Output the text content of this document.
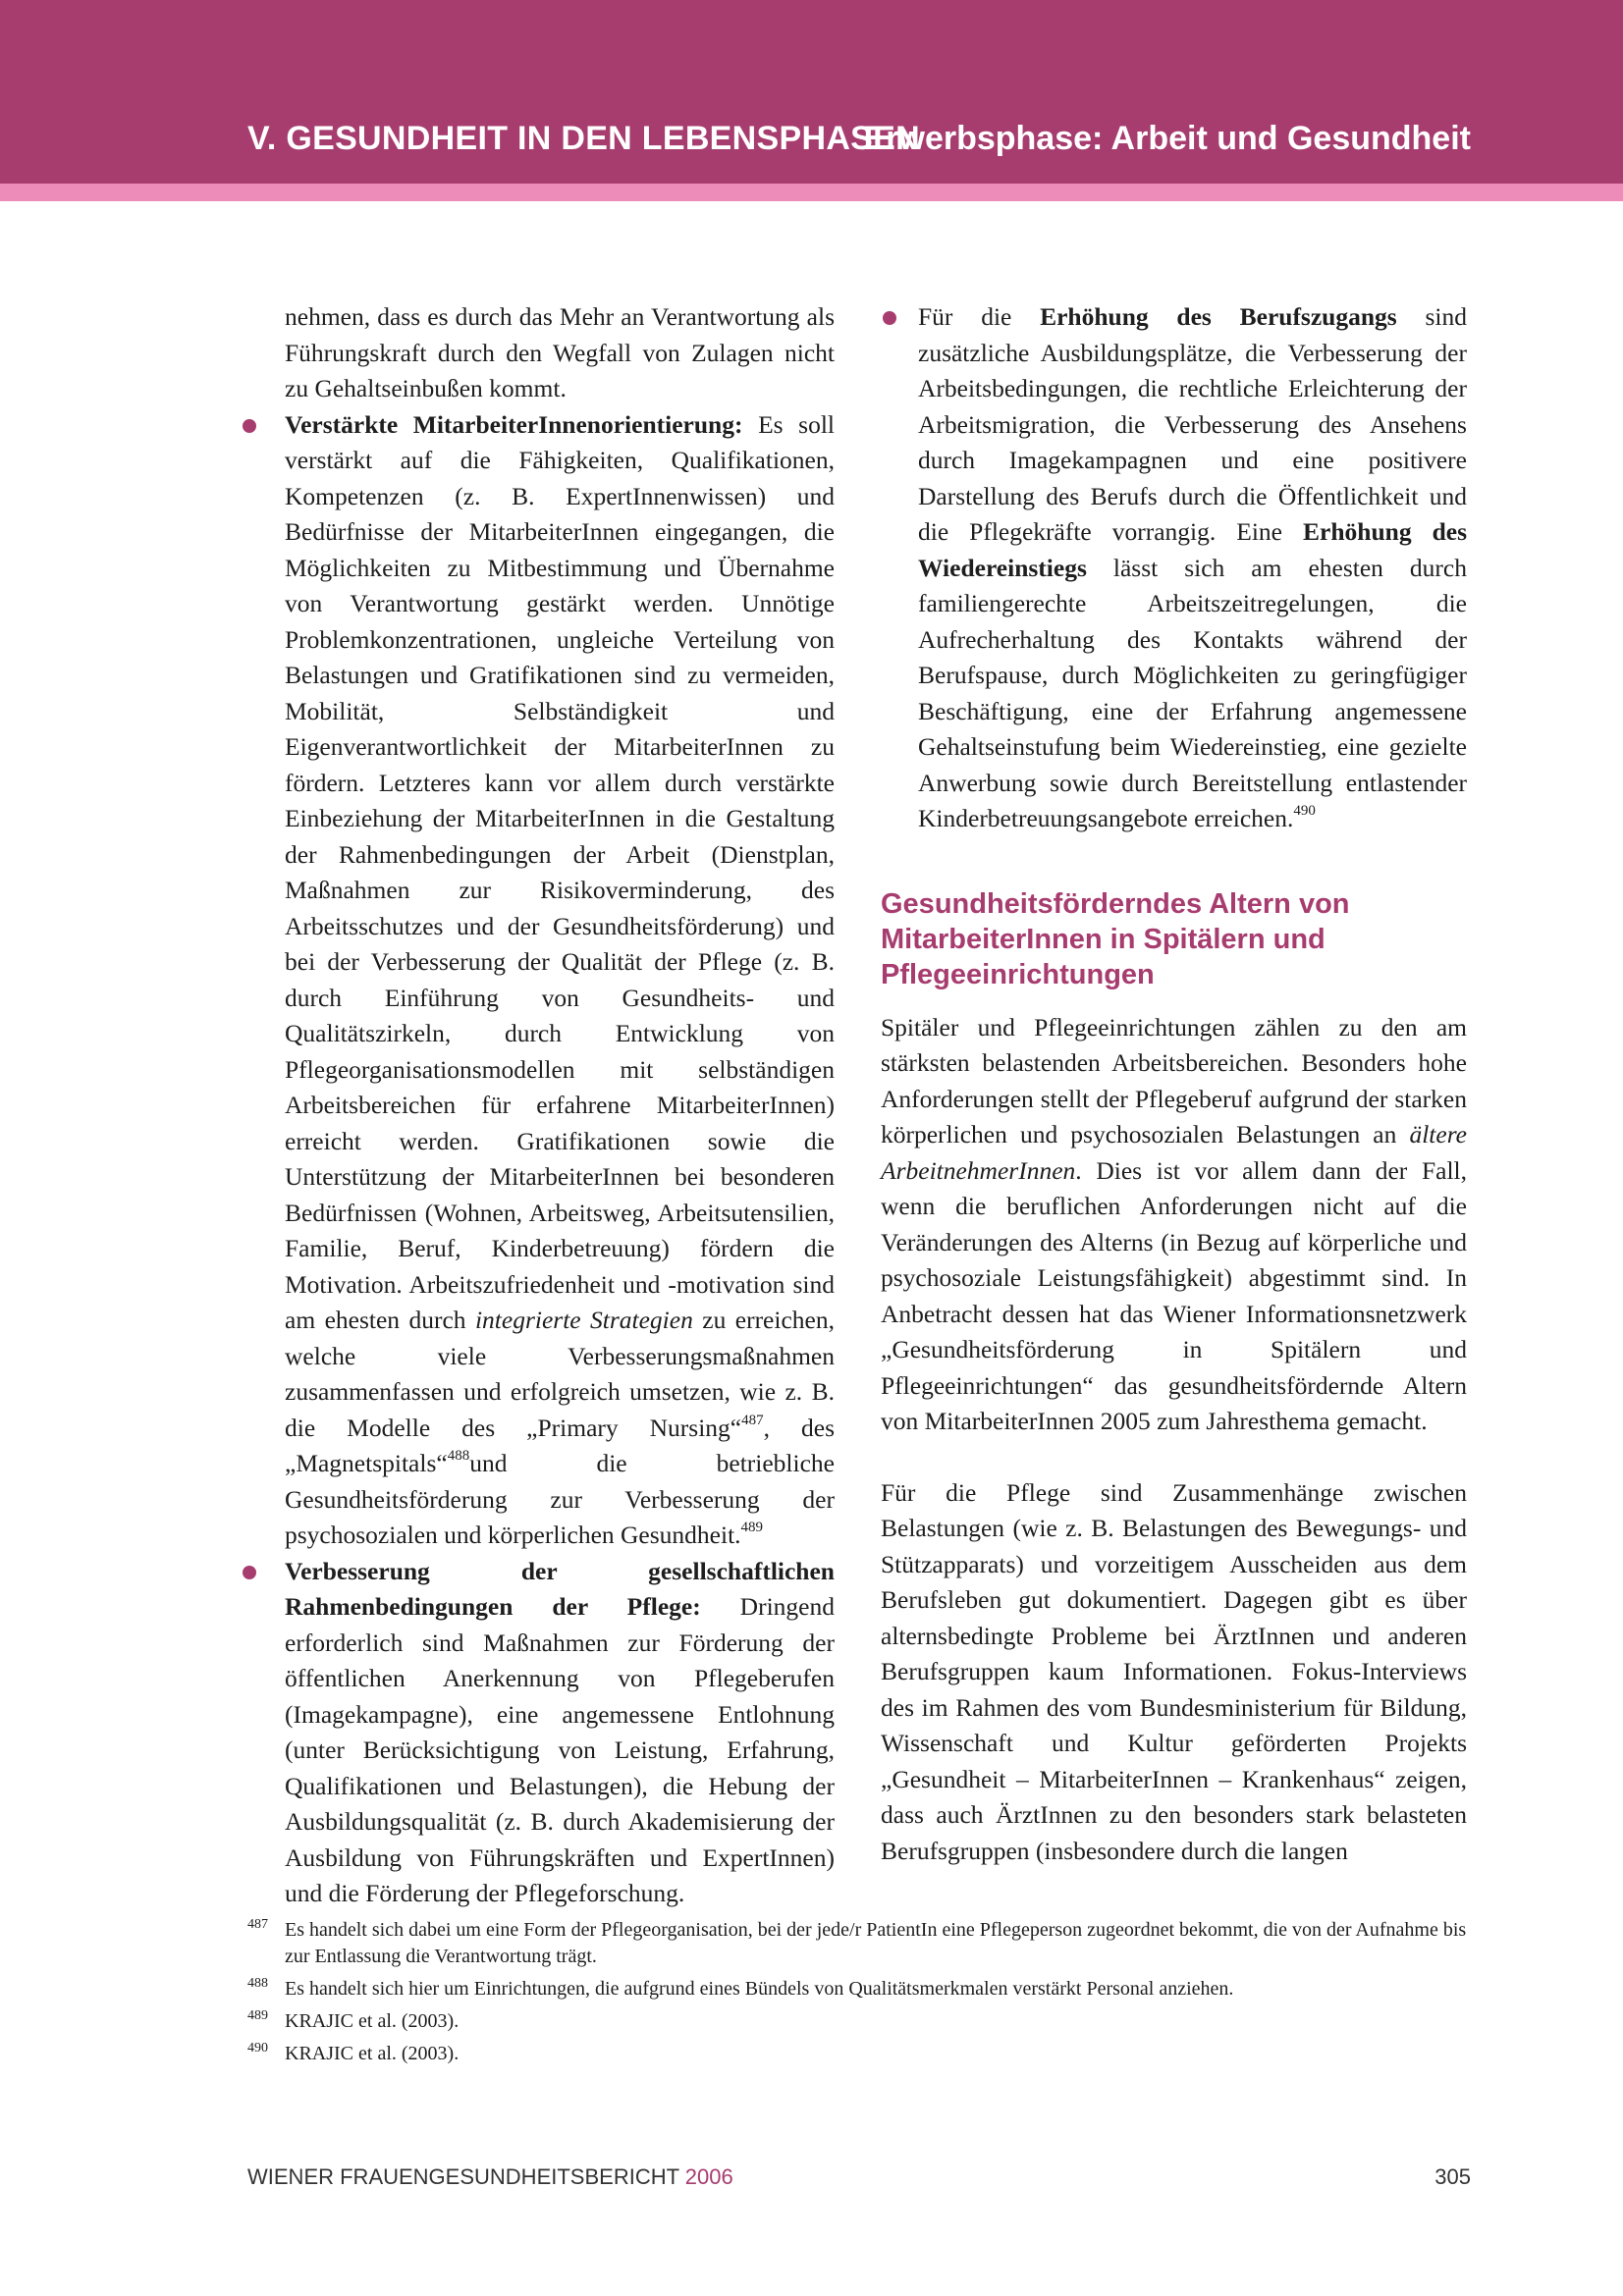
V. GESUNDHEIT IN DEN LEBENSPHASEN
Erwerbsphase: Arbeit und Gesundheit

nehmen, dass es durch das Mehr an Verantwortung als Führungskraft durch den Wegfall von Zulagen nicht zu Gehaltseinbußen kommt.

Verstärkte MitarbeiterInnenorientierung: Es soll verstärkt auf die Fähigkeiten, Qualifikationen, Kompetenzen (z. B. ExpertInnenwissen) und Bedürfnisse der MitarbeiterInnen eingegangen, die Möglichkeiten zu Mitbestimmung und Übernahme von Verantwortung gestärkt werden. Unnötige Problemkonzentrationen, ungleiche Verteilung von Belastungen und Gratifikationen sind zu vermeiden, Mobilität, Selbständigkeit und Eigenverantwortlichkeit der MitarbeiterInnen zu fördern. Letzteres kann vor allem durch verstärkte Einbeziehung der MitarbeiterInnen in die Gestaltung der Rahmenbedingungen der Arbeit (Dienstplan, Maßnahmen zur Risikoverminderung, des Arbeitsschutzes und der Gesundheitsförderung) und bei der Verbesserung der Qualität der Pflege (z. B. durch Einführung von Gesundheits- und Qualitätszirkeln, durch Entwicklung von Pflegeorganisationsmodellen mit selbständigen Arbeitsbereichen für erfahrene MitarbeiterInnen) erreicht werden. Gratifikationen sowie die Unterstützung der MitarbeiterInnen bei besonderen Bedürfnissen (Wohnen, Arbeitsweg, Arbeitsutensilien, Familie, Beruf, Kinderbetreuung) fördern die Motivation. Arbeitszufriedenheit und -motivation sind am ehesten durch integrierte Strategien zu erreichen, welche viele Verbesserungsmaßnahmen zusammenfassen und erfolgreich umsetzen, wie z. B. die Modelle des „Primary Nursing“$^{487}$, des „Magnetspitals“$^{488}$und die betriebliche Gesundheitsförderung zur Verbesserung der psychosozialen und körperlichen Gesundheit.$^{489}$

Verbesserung der gesellschaftlichen Rahmenbedingungen der Pflege: Dringend erforderlich sind Maßnahmen zur Förderung der öffentlichen Anerkennung von Pflegeberufen (Imagekampagne), eine angemessene Entlohnung (unter Berücksichtigung von Leistung, Erfahrung, Qualifikationen und Belastungen), die Hebung der Ausbildungsqualität (z. B. durch Akademisierung der Ausbildung von Führungskräften und ExpertInnen) und die Förderung der Pflegeforschung.

Für die Erhöhung des Berufszugangs sind zusätzliche Ausbildungsplätze, die Verbesserung der Arbeitsbedingungen, die rechtliche Erleichterung der Arbeitsmigration, die Verbesserung des Ansehens durch Imagekampagnen und eine positivere Darstellung des Berufs durch die Öffentlichkeit und die Pflegekräfte vorrangig. Eine Erhöhung des Wiedereinstiegs lässt sich am ehesten durch familiengerechte Arbeitszeitregelungen, die Aufrecherhaltung des Kontakts während der Berufspause, durch Möglichkeiten zu geringfügiger Beschäftigung, eine der Erfahrung angemessene Gehaltseinstufung beim Wiedereinstieg, eine gezielte Anwerbung sowie durch Bereitstellung entlastender Kinderbetreuungsangebote erreichen.$^{490}$

Gesundheitsförderndes Altern von MitarbeiterInnen in Spitälern und Pflegeeinrichtungen

Spitäler und Pflegeeinrichtungen zählen zu den am stärksten belastenden Arbeitsbereichen. Besonders hohe Anforderungen stellt der Pflegeberuf aufgrund der starken körperlichen und psychosozialen Belastungen an ältere ArbeitnehmerInnen. Dies ist vor allem dann der Fall, wenn die beruflichen Anforderungen nicht auf die Veränderungen des Alterns (in Bezug auf körperliche und psychosoziale Leistungsfähigkeit) abgestimmt sind. In Anbetracht dessen hat das Wiener Informationsnetzwerk „Gesundheitsförderung in Spitälern und Pflegeeinrichtungen“ das gesundheitsfördernde Altern von MitarbeiterInnen 2005 zum Jahresthema gemacht.

Für die Pflege sind Zusammenhänge zwischen Belastungen (wie z. B. Belastungen des Bewegungs- und Stützapparats) und vorzeitigem Ausscheiden aus dem Berufsleben gut dokumentiert. Dagegen gibt es über alternsbedingte Probleme bei ÄrztInnen und anderen Berufsgruppen kaum Informationen. Fokus-Interviews des im Rahmen des vom Bundesministerium für Bildung, Wissenschaft und Kultur geförderten Projekts „Gesundheit – MitarbeiterInnen – Krankenhaus“ zeigen, dass auch ÄrztInnen zu den besonders stark belasteten Berufsgruppen (insbesondere durch die langen

487 Es handelt sich dabei um eine Form der Pflegeorganisation, bei der jede/r PatientIn eine Pflegeperson zugeordnet bekommt, die von der Aufnahme bis zur Entlassung die Verantwortung trägt.

488 Es handelt sich hier um Einrichtungen, die aufgrund eines Bündels von Qualitätsmerkmalen verstärkt Personal anziehen.

489 KRAJIC et al. (2003).

490 KRAJIC et al. (2003).

WIENER FRAUENGESUNDHEITSBERICHT 2006	305
